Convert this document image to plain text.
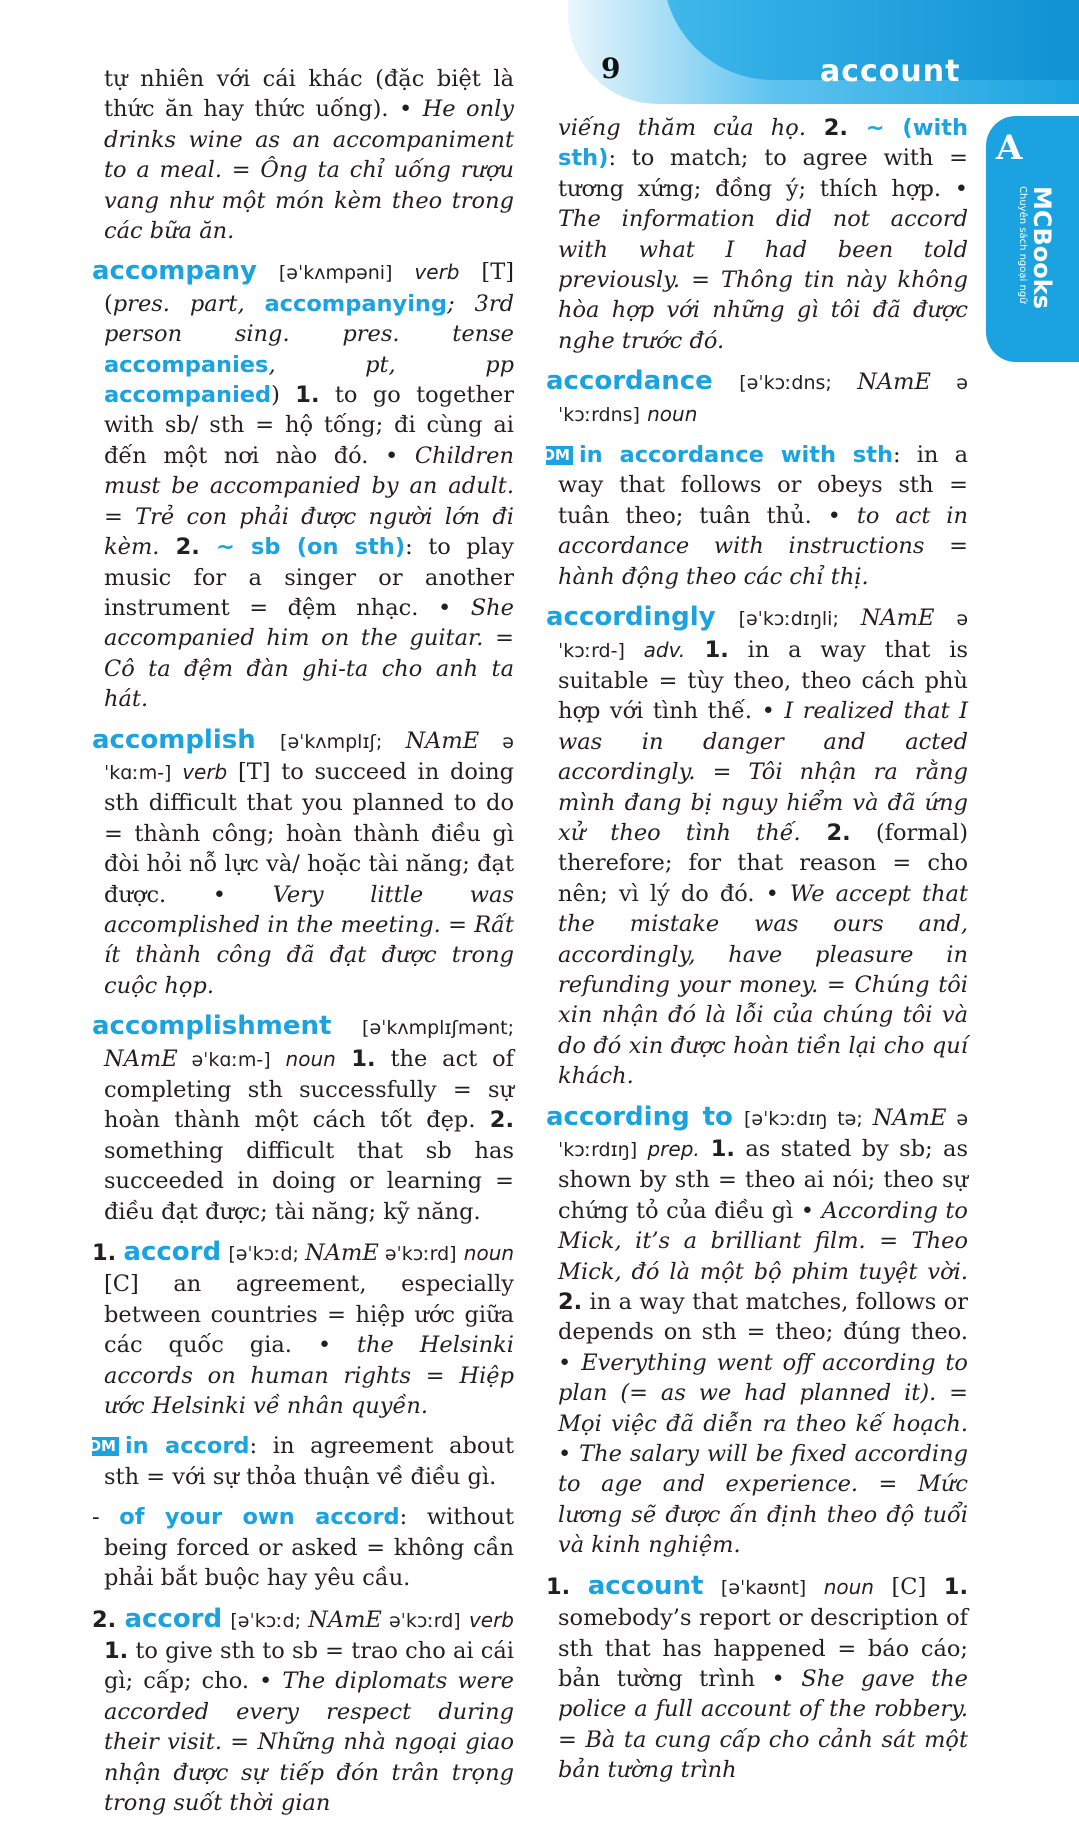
9	account
A
MCBooks
Chuyên sách ngoại ngữ
tự nhiên với cái khác (đặc biệt là thức ăn hay thức uống). • He only drinks wine as an accompaniment to a meal. = Ông ta chỉ uống rượu vang như một món kèm theo trong các bữa ăn.
accompany [əˈkʌmpəni] verb [T] (pres. part, accompanying; 3rd person sing. pres. tense accompanies, pt, pp accompanied) 1. to go together with sb/ sth = hộ tống; đi cùng ai đến một nơi nào đó. • Children must be accompanied by an adult. = Trẻ con phải được người lớn đi kèm. 2. ~ sb (on sth): to play music for a singer or another instrument = đệm nhạc. • She accompanied him on the guitar. = Cô ta đệm đàn ghi-ta cho anh ta hát.
accomplish [əˈkʌmplɪʃ; NAmE əˈkɑːm-] verb [T] to succeed in doing sth difficult that you planned to do = thành công; hoàn thành điều gì đòi hỏi nỗ lực và/ hoặc tài năng; đạt được. • Very little was accomplished in the meeting. = Rất ít thành công đã đạt được trong cuộc họp.
accomplishment [əˈkʌmplɪʃmənt; NAmE əˈkɑːm-] noun 1. the act of completing sth successfully = sự hoàn thành một cách tốt đẹp. 2. something difficult that sb has succeeded in doing or learning = điều đạt được; tài năng; kỹ năng.
1. accord [əˈkɔːd; NAmE əˈkɔːrd] noun [C] an agreement, especially between countries = hiệp ước giữa các quốc gia. • the Helsinki accords on human rights = Hiệp ước Helsinki về nhân quyền.
IDM in accord: in agreement about sth = với sự thỏa thuận về điều gì.
- of your own accord: without being forced or asked = không cần phải bắt buộc hay yêu cầu.
2. accord [əˈkɔːd; NAmE əˈkɔːrd] verb 1. to give sth to sb = trao cho ai cái gì; cấp; cho. • The diplomats were accorded every respect during their visit. = Những nhà ngoại giao nhận được sự tiếp đón trân trọng trong suốt thời gian
viếng thăm của họ. 2. ~ (with sth): to match; to agree with = tương xứng; đồng ý; thích hợp. • The information did not accord with what I had been told previously. = Thông tin này không hòa hợp với những gì tôi đã được nghe trước đó.
accordance [əˈkɔːdns; NAmE əˈkɔːrdns] noun
IDM in accordance with sth: in a way that follows or obeys sth = tuân theo; tuân thủ. • to act in accordance with instructions = hành động theo các chỉ thị.
accordingly [əˈkɔːdɪŋli; NAmE əˈkɔːrd-] adv. 1. in a way that is suitable = tùy theo, theo cách phù hợp với tình thế. • I realized that I was in danger and acted accordingly. = Tôi nhận ra rằng mình đang bị nguy hiểm và đã ứng xử theo tình thế. 2. (formal) therefore; for that reason = cho nên; vì lý do đó. • We accept that the mistake was ours and, accordingly, have pleasure in refunding your money. = Chúng tôi xin nhận đó là lỗi của chúng tôi và do đó xin được hoàn tiền lại cho quí khách.
according to [əˈkɔːdɪŋ tə; NAmE əˈkɔːrdɪŋ] prep. 1. as stated by sb; as shown by sth = theo ai nói; theo sự chứng tỏ của điều gì • According to Mick, it’s a brilliant film. = Theo Mick, đó là một bộ phim tuyệt vời. 2. in a way that matches, follows or depends on sth = theo; đúng theo. • Everything went off according to plan (= as we had planned it). = Mọi việc đã diễn ra theo kế hoạch. • The salary will be fixed according to age and experience. = Mức lương sẽ được ấn định theo độ tuổi và kinh nghiệm.
1. account [əˈkaʊnt] noun [C] 1. somebody’s report or description of sth that has happened = báo cáo; bản tường trình • She gave the police a full account of the robbery. = Bà ta cung cấp cho cảnh sát một bản tường trình
